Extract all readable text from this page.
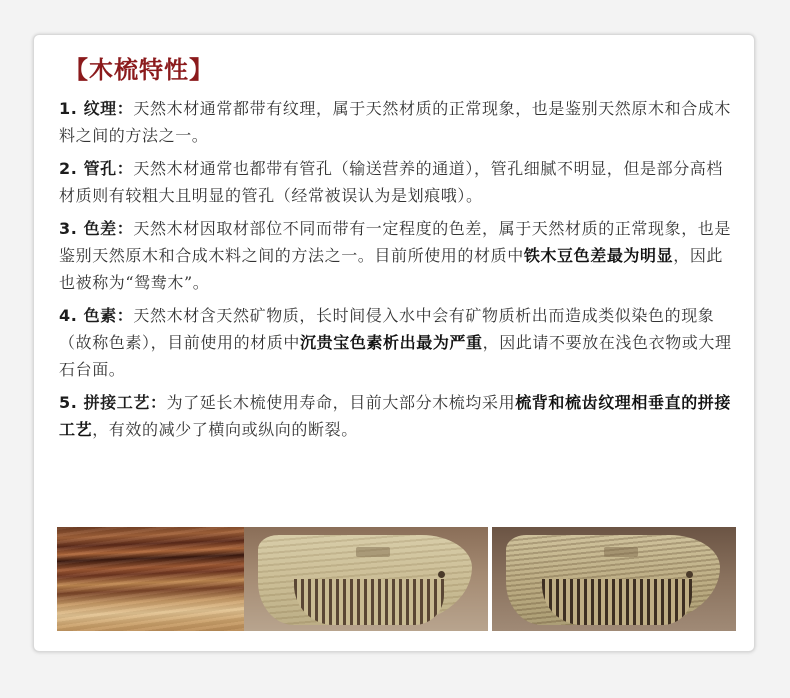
【木梳特性】

1. 纹理：天然木材通常都带有纹理，属于天然材质的正常现象，也是鉴别天然原木和合成木料之间的方法之一。

2. 管孔：天然木材通常也都带有管孔（输送营养的通道），管孔细腻不明显，但是部分高档材质则有较粗大且明显的管孔（经常被误认为是划痕哦）。

3. 色差：天然木材因取材部位不同而带有一定程度的色差，属于天然材质的正常现象，也是鉴别天然原木和合成木料之间的方法之一。目前所使用的材质中铁木豆色差最为明显，因此也被称为“鸳鸯木”。

4. 色素：天然木材含天然矿物质，长时间侵入水中会有矿物质析出而造成类似染色的现象（故称色素），目前使用的材质中沉贵宝色素析出最为严重，因此请不要放在浅色衣物或大理石台面。

5. 拼接工艺：为了延长木梳使用寿命，目前大部分木梳均采用梳背和梳齿纹理相垂直的拼接工艺，有效的减少了横向或纵向的断裂。
